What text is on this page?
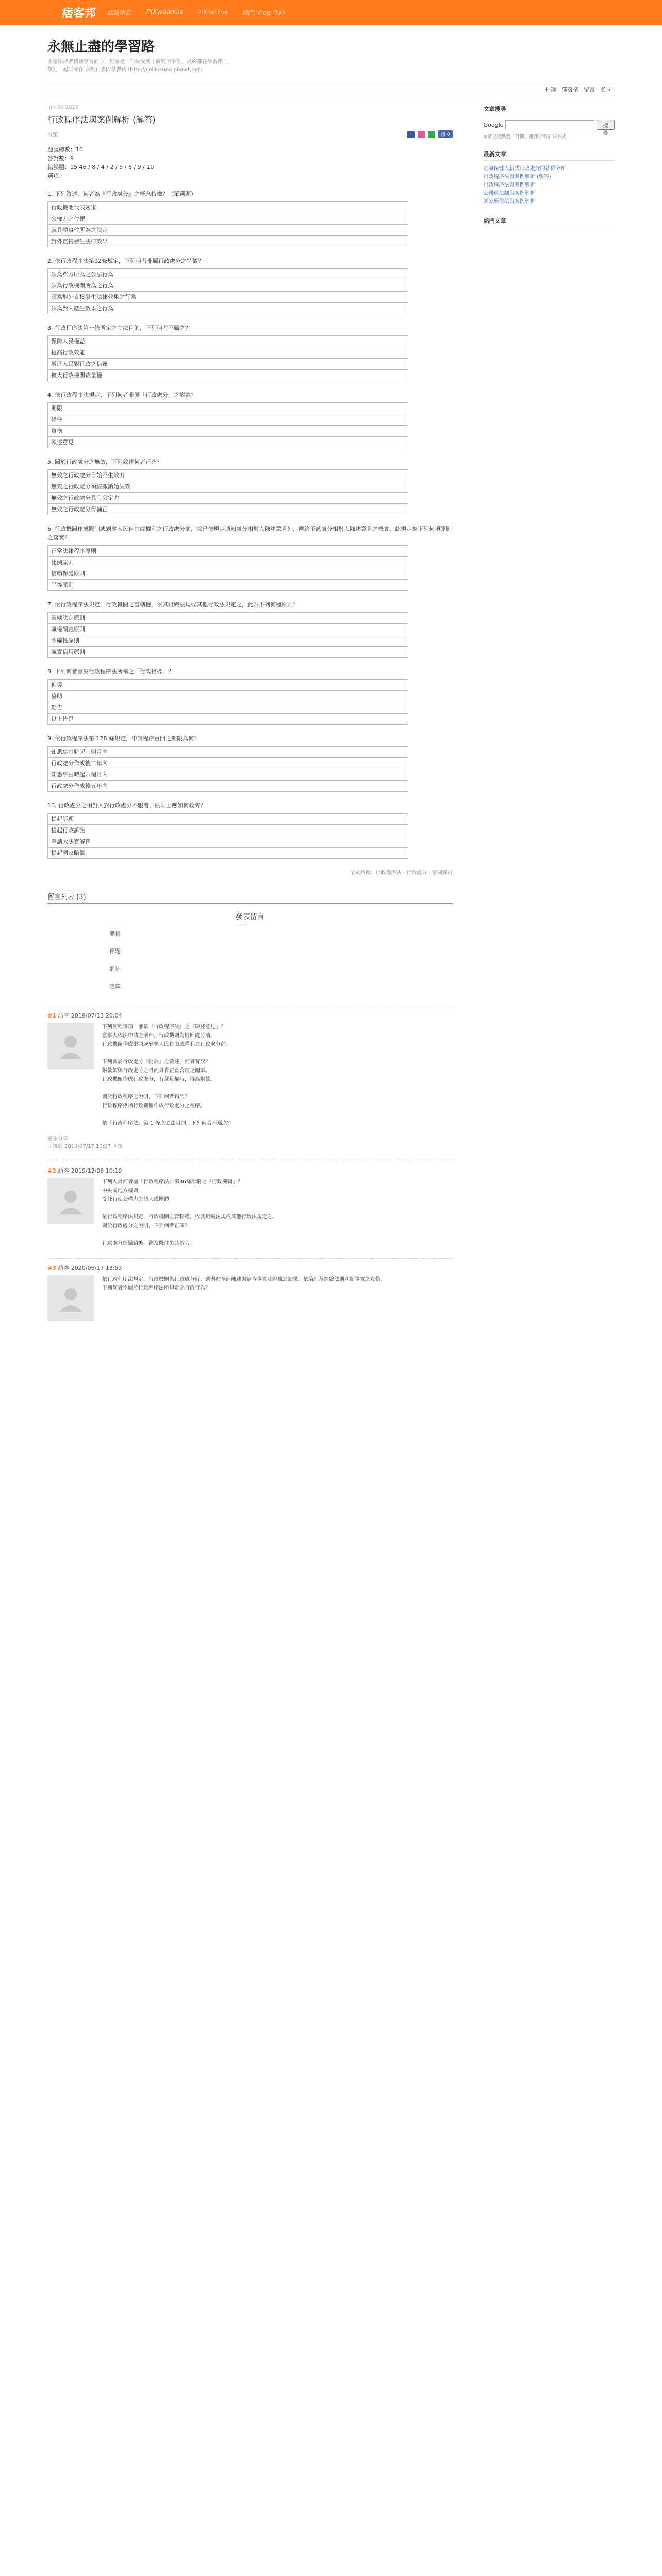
痞客邦 最新消息 PIXwalkrus PIXnetlive 熱門 Vlog 進站
永無止盡的學習路
永遠保持著積極學習的心，無論是一年級或博士研究所學生，最終都在學習路上！
歡迎一起研究在 永無止盡的學習路 (http://collinsung.pixnet.net)
相簿 部落格 留言 名片
Jun 09 2019
行政程序法與案例解析 (解答)
分類	讚 0
題號總數：10
答對數：9
錯誤題：15 46 / 8 / 4 / 2 / 5 / 6 / 9 / 10
選項：
1. 下列敘述，何者為『行政處分』之概念特徵？（單選題）
行政機關代表國家
公權力之行使
就具體事件所為之決定
對外直接發生法律效果
2. 依行政程序法第92條規定，下列何者非屬行政處分之特徵？
須為單方所為之公法行為
須為行政機關所為之行為
須為對外直接發生法律效果之行為
須為對內產生效果之行為
3. 行政程序法第一條所定之立法目的，下列何者不屬之？
保障人民權益
提高行政效能
增進人民對行政之信賴
擴大行政機關裁量權
4. 依行政程序法規定，下列何者非屬「行政處分」之附款？
期限
條件
負擔
陳述意見
5. 關於行政處分之無效，下列敘述何者正確？
無效之行政處分自始不生效力
無效之行政處分須經撤銷始失效
無效之行政處分具有公定力
無效之行政處分得補正
6. 行政機關作成限制或剝奪人民自由或權利之行政處分前，除已依規定通知處分相對人陳述意見外，應給予該處分相對人陳述意見之機會，此規定為下列何項原則之落實？
正當法律程序原則
比例原則
信賴保護原則
平等原則
7. 依行政程序法規定，行政機關之管轄權，依其組織法規或其他行政法規定之，此為下列何種原則？
管轄法定原則
職權調查原則
明確性原則
誠實信用原則
8. 下列何者屬於行政程序法所稱之「行政指導」？
輔導
協助
勸告
以上皆是
9. 依行政程序法第 128 條規定，申請程序重開之期限為何？
知悉事由時起三個月內
行政處分作成後二年內
知悉事由時起六個月內
行政處分作成後五年內
10. 行政處分之相對人對行政處分不服者，原則上應如何救濟？
提起訴願
提起行政訴訟
聲請大法官解釋
提起國家賠償
全站熱搜：行政程序法 · 行政處分 · 案例解析
留言列表 (3)
發表留言
暱稱
標題
網址
隱藏
#1 訪客 2019/07/13 20:04
下列何種事項，應依『行政程序法』之『陳述意見』？
當事人依法申請之案件，行政機關為駁回處分前。
行政機關作成限制或剝奪人民自由或權利之行政處分前。

下列關於行政處分『附款』之敘述，何者有誤？
附款須與行政處分之目的具有正當合理之關聯。
行政機關作成行政處分，有裁量權時，得為附款。

關於行政程序之說明，下列何者錯誤？
行政程序係指行政機關作成行政處分之程序。

依『行政程序法』第 1 條之立法目的，下列何者不屬之？
感謝分享
回覆於 2019/07/17 10:07 回覆
#2 訪客 2019/12/08 10:19
下列人員何者屬『行政程序法』第36條所稱之『行政機關』？
中央或地方機關
受託行使公權力之個人或團體

依行政程序法規定，行政機關之管轄權，依其組織法規或其他行政法規定之。
關於行政處分之說明，下列何者正確？

行政處分經撤銷後，溯及既往失其效力。
#3 訪客 2020/06/17 13:53
依行政程序法規定，行政機關為行政處分時，應斟酌全部陳述與調查事實及證據之結果，依論理及經驗法則判斷事實之真偽。
下列何者不屬於行政程序法所規定之行政行為？
文章搜尋
Google	搜尋
※請直接點選「訂閱」選擇所有訂閱方式
最新文章
心臟保健人新式行政處分的法條分析
行政程序法與案例解析 (解答)
行政程序法與案例解析
公務員法制與案例解析
國家賠償法與案例解析
熱門文章
